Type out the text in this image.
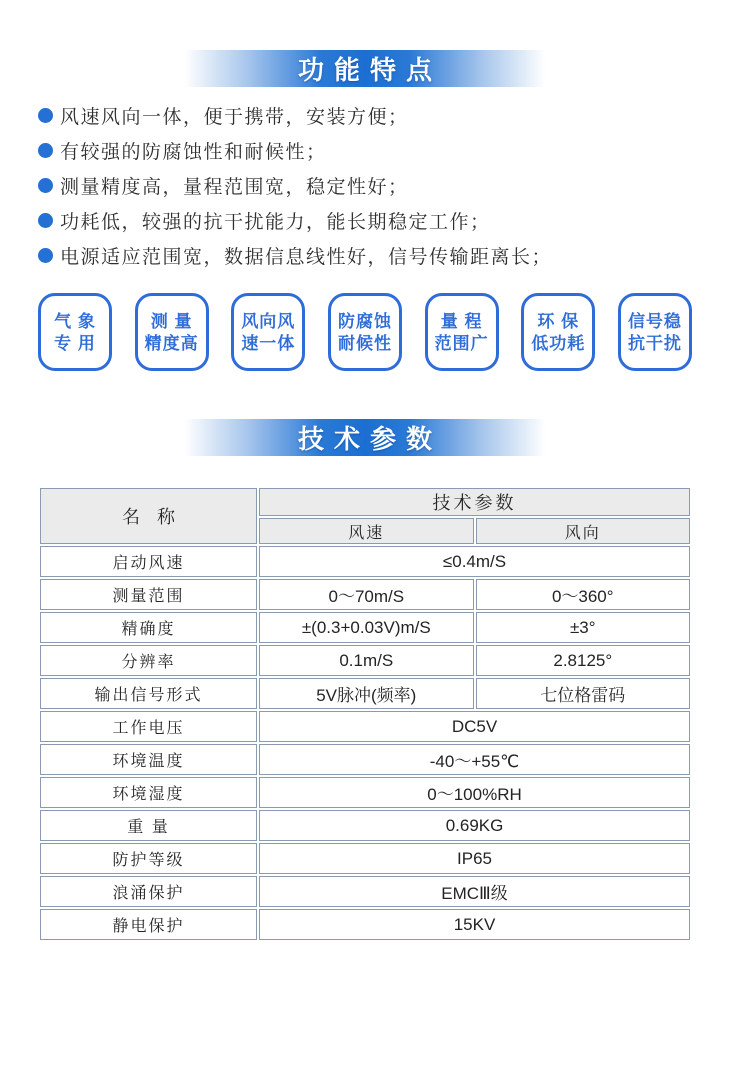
功能特点
风速风向一体，便于携带，安装方便；
有较强的防腐蚀性和耐候性；
测量精度高，量程范围宽，稳定性好；
功耗低，较强的抗干扰能力，能长期稳定工作；
电源适应范围宽，数据信息线性好，信号传输距离长；
气 象
专 用
测 量
精度高
风向风
速一体
防腐蚀
耐候性
量 程
范围广
环 保
低功耗
信号稳
抗干扰
技术参数
名 称	技术参数	
	风速	风向
启动风速	≤0.4m/S	
测量范围	0～70m/S	0～360°
精确度	±(0.3+0.03V)m/S	±3°
分辨率	0.1m/S	2.8125°
输出信号形式	5V脉冲(频率)	七位格雷码
工作电压	DC5V	
环境温度	-40～+55℃	
环境湿度	0～100%RH	
重 量	0.69KG	
防护等级	IP65	
浪涌保护	EMCⅢ级	
静电保护	15KV	
